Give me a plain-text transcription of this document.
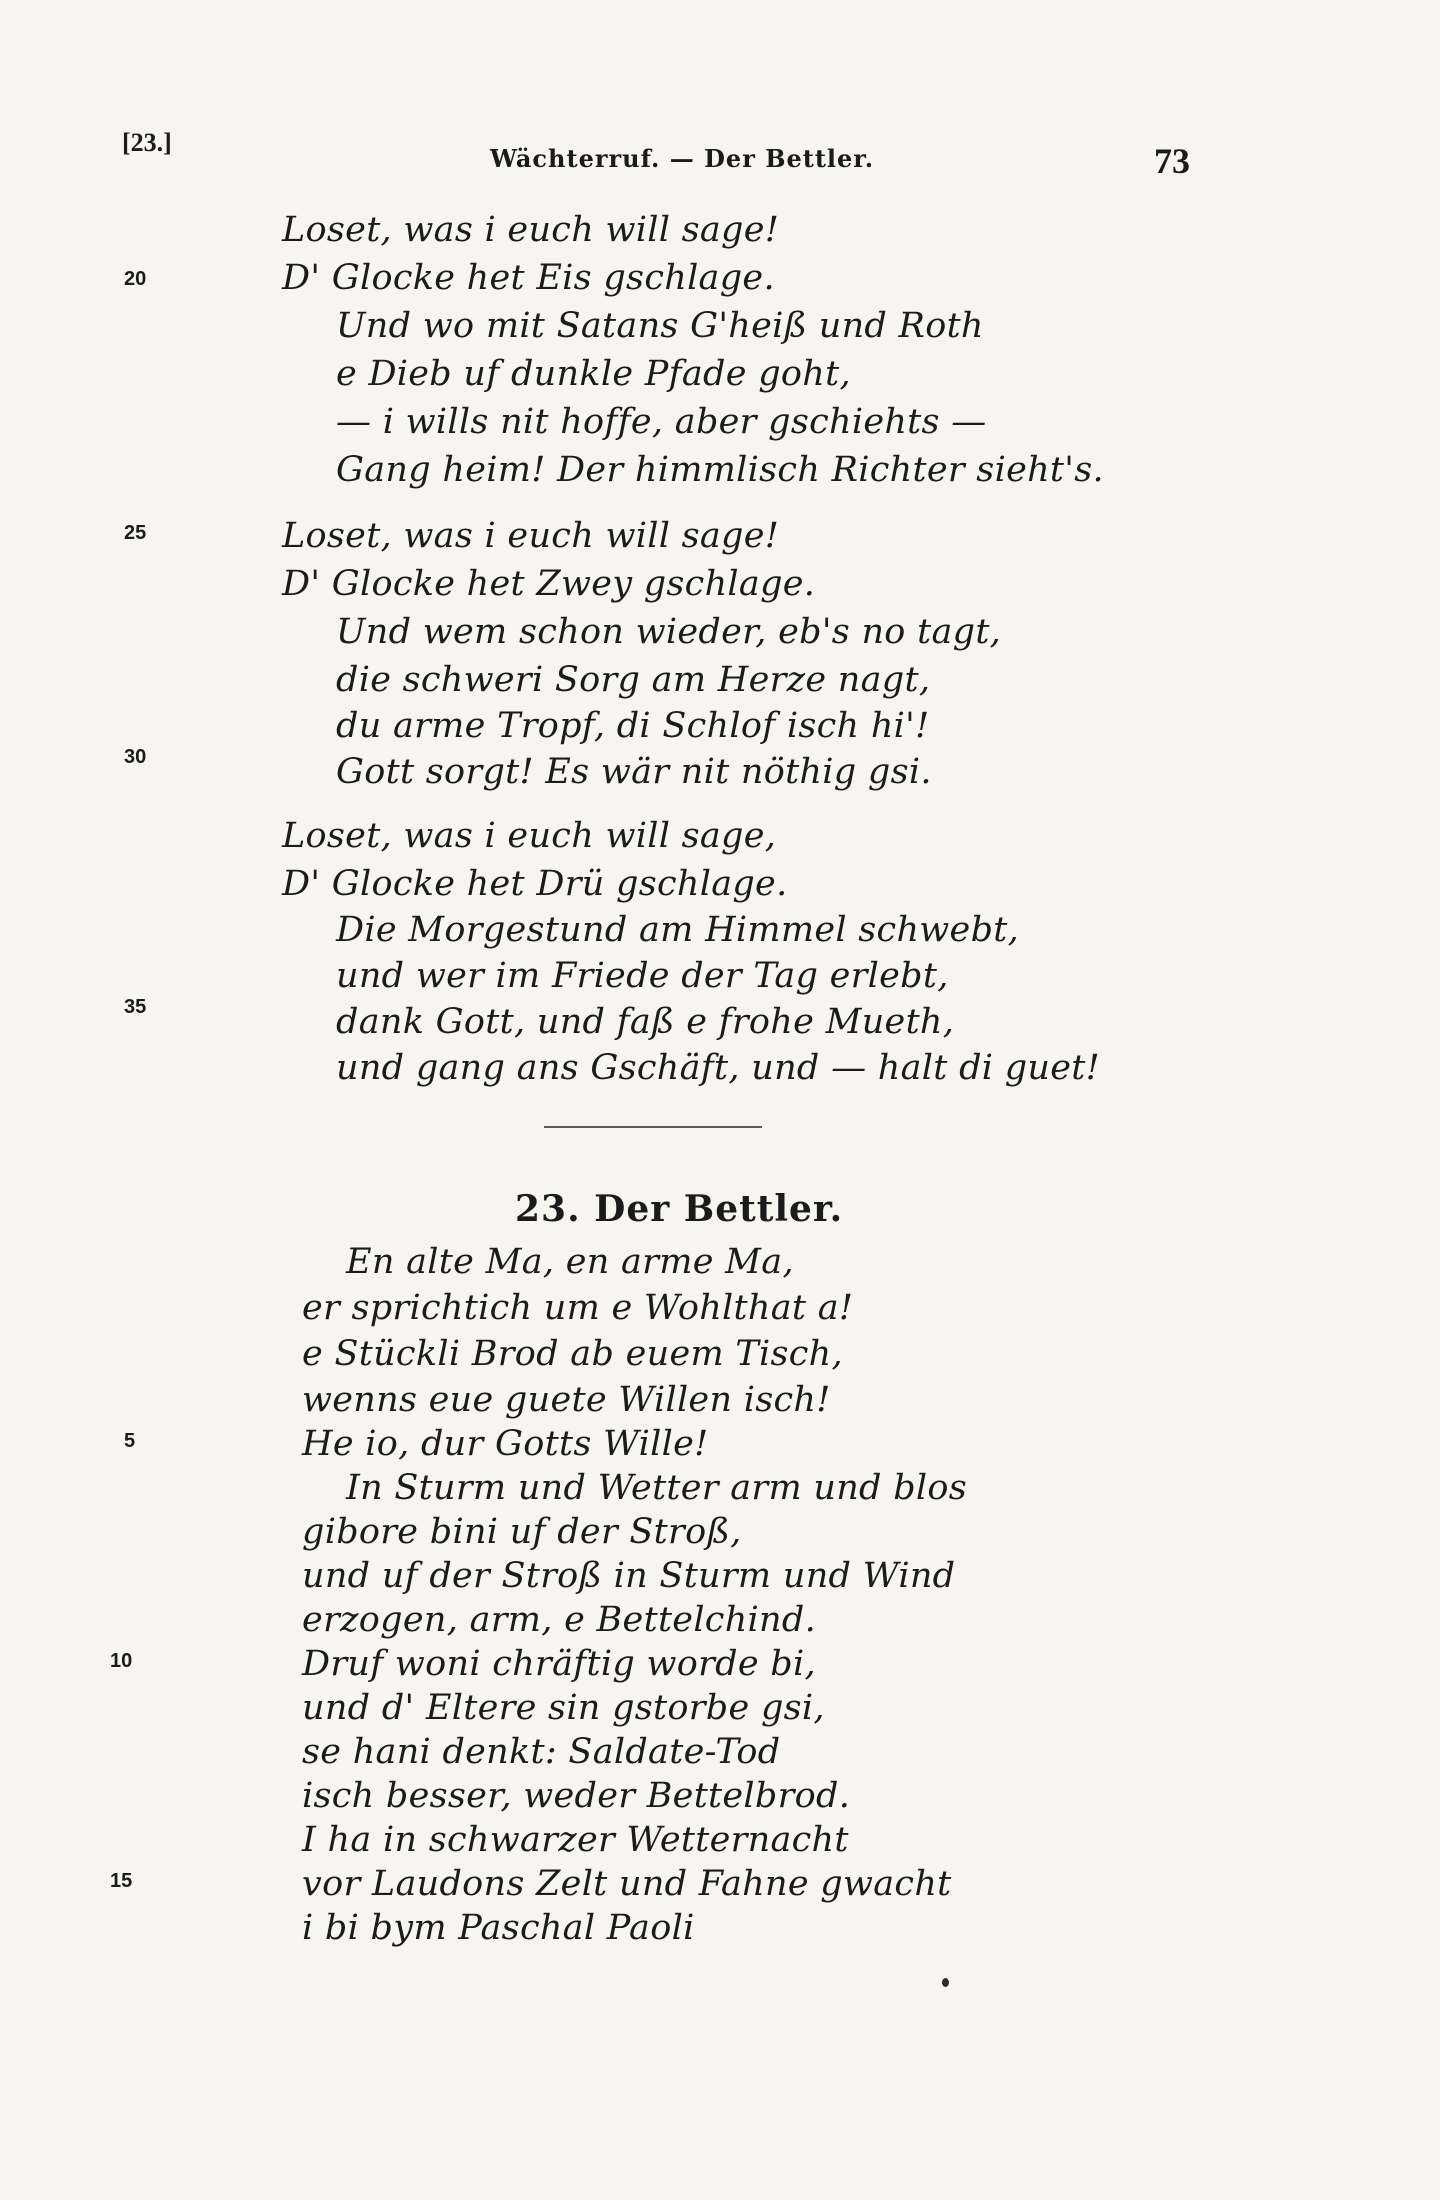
[23.]
Wächterruf. — Der Bettler.	73
Loset, was i euch will sage!
D' Glocke het Eis gschlage.
Und wo mit Satans G'heiß und Roth
e Dieb uf dunkle Pfade goht,
— i wills nit hoffe, aber gschiehts —
Gang heim! Der himmlisch Richter sieht's.
Loset, was i euch will sage!
D' Glocke het Zwey gschlage.
Und wem schon wieder, eb's no tagt,
die schweri Sorg am Herze nagt,
du arme Tropf, di Schlof isch hi'!
Gott sorgt! Es wär nit nöthig gsi.
Loset, was i euch will sage,
D' Glocke het Drü gschlage.
Die Morgestund am Himmel schwebt,
und wer im Friede der Tag erlebt,
dank Gott, und faß e frohe Mueth,
und gang ans Gschäft, und — halt di guet!
20
25
30
35
23. Der Bettler.
En alte Ma, en arme Ma,
er sprichtich um e Wohlthat a!
e Stückli Brod ab euem Tisch,
wenns eue guete Willen isch!
He io, dur Gotts Wille!
In Sturm und Wetter arm und blos
gibore bini uf der Stroß,
und uf der Stroß in Sturm und Wind
erzogen, arm, e Bettelchind.
Druf woni chräftig worde bi,
und d' Eltere sin gstorbe gsi,
se hani denkt: Saldate-Tod
isch besser, weder Bettelbrod.
I ha in schwarzer Wetternacht
vor Laudons Zelt und Fahne gwacht
i bi bym Paschal Paoli
5
10
15
